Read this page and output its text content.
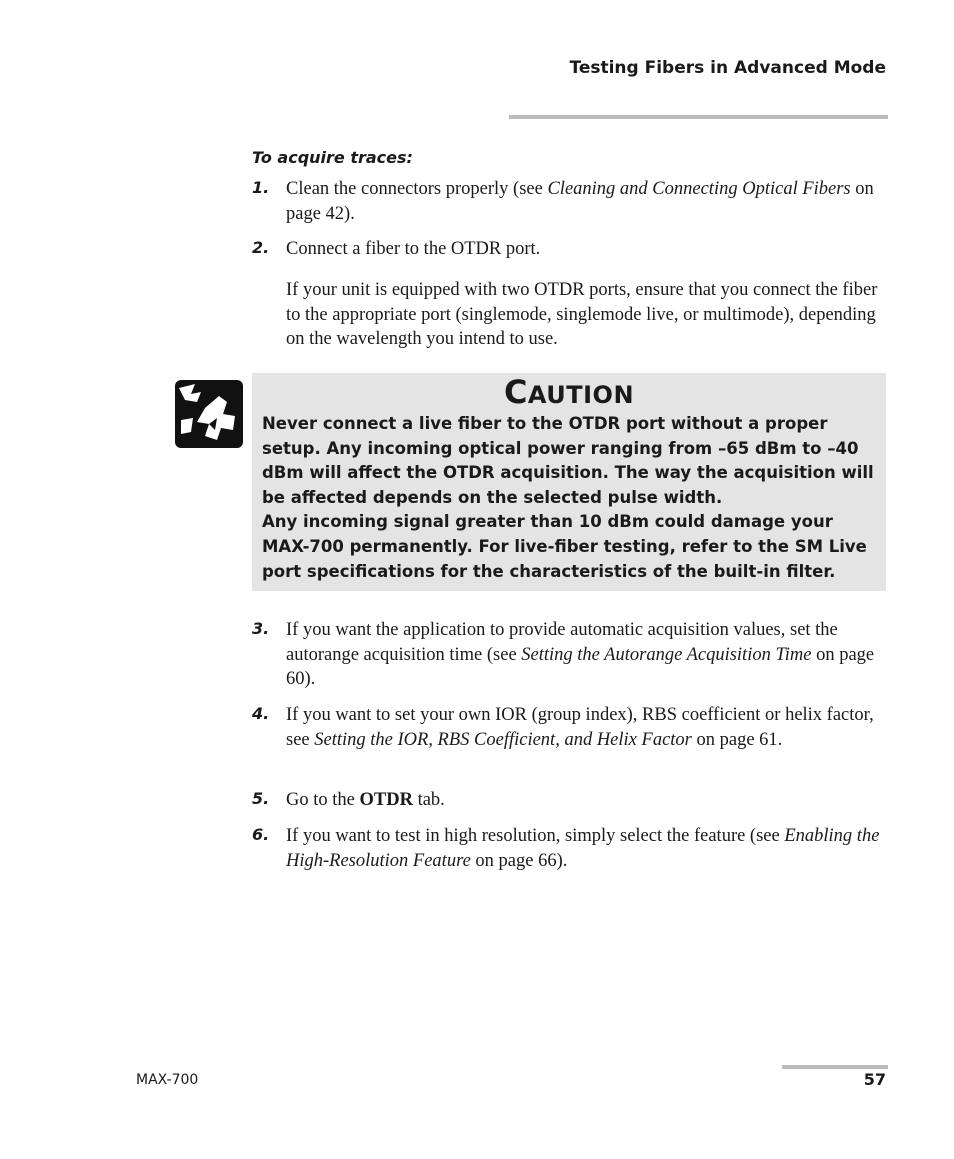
Testing Fibers in Advanced Mode
To acquire traces:
1. Clean the connectors properly (see Cleaning and Connecting Optical Fibers on page 42).
2. Connect a fiber to the OTDR port.
If your unit is equipped with two OTDR ports, ensure that you connect the fiber to the appropriate port (singlemode, singlemode live, or multimode), depending on the wavelength you intend to use.
CAUTION
Never connect a live fiber to the OTDR port without a proper setup. Any incoming optical power ranging from –65 dBm to –40 dBm will affect the OTDR acquisition. The way the acquisition will be affected depends on the selected pulse width.
Any incoming signal greater than 10 dBm could damage your MAX-700 permanently. For live-fiber testing, refer to the SM Live port specifications for the characteristics of the built-in filter.
3. If you want the application to provide automatic acquisition values, set the autorange acquisition time (see Setting the Autorange Acquisition Time on page 60).
4. If you want to set your own IOR (group index), RBS coefficient or helix factor, see Setting the IOR, RBS Coefficient, and Helix Factor on page 61.
5. Go to the OTDR tab.
6. If you want to test in high resolution, simply select the feature (see Enabling the High-Resolution Feature on page 66).
MAX-700	57
